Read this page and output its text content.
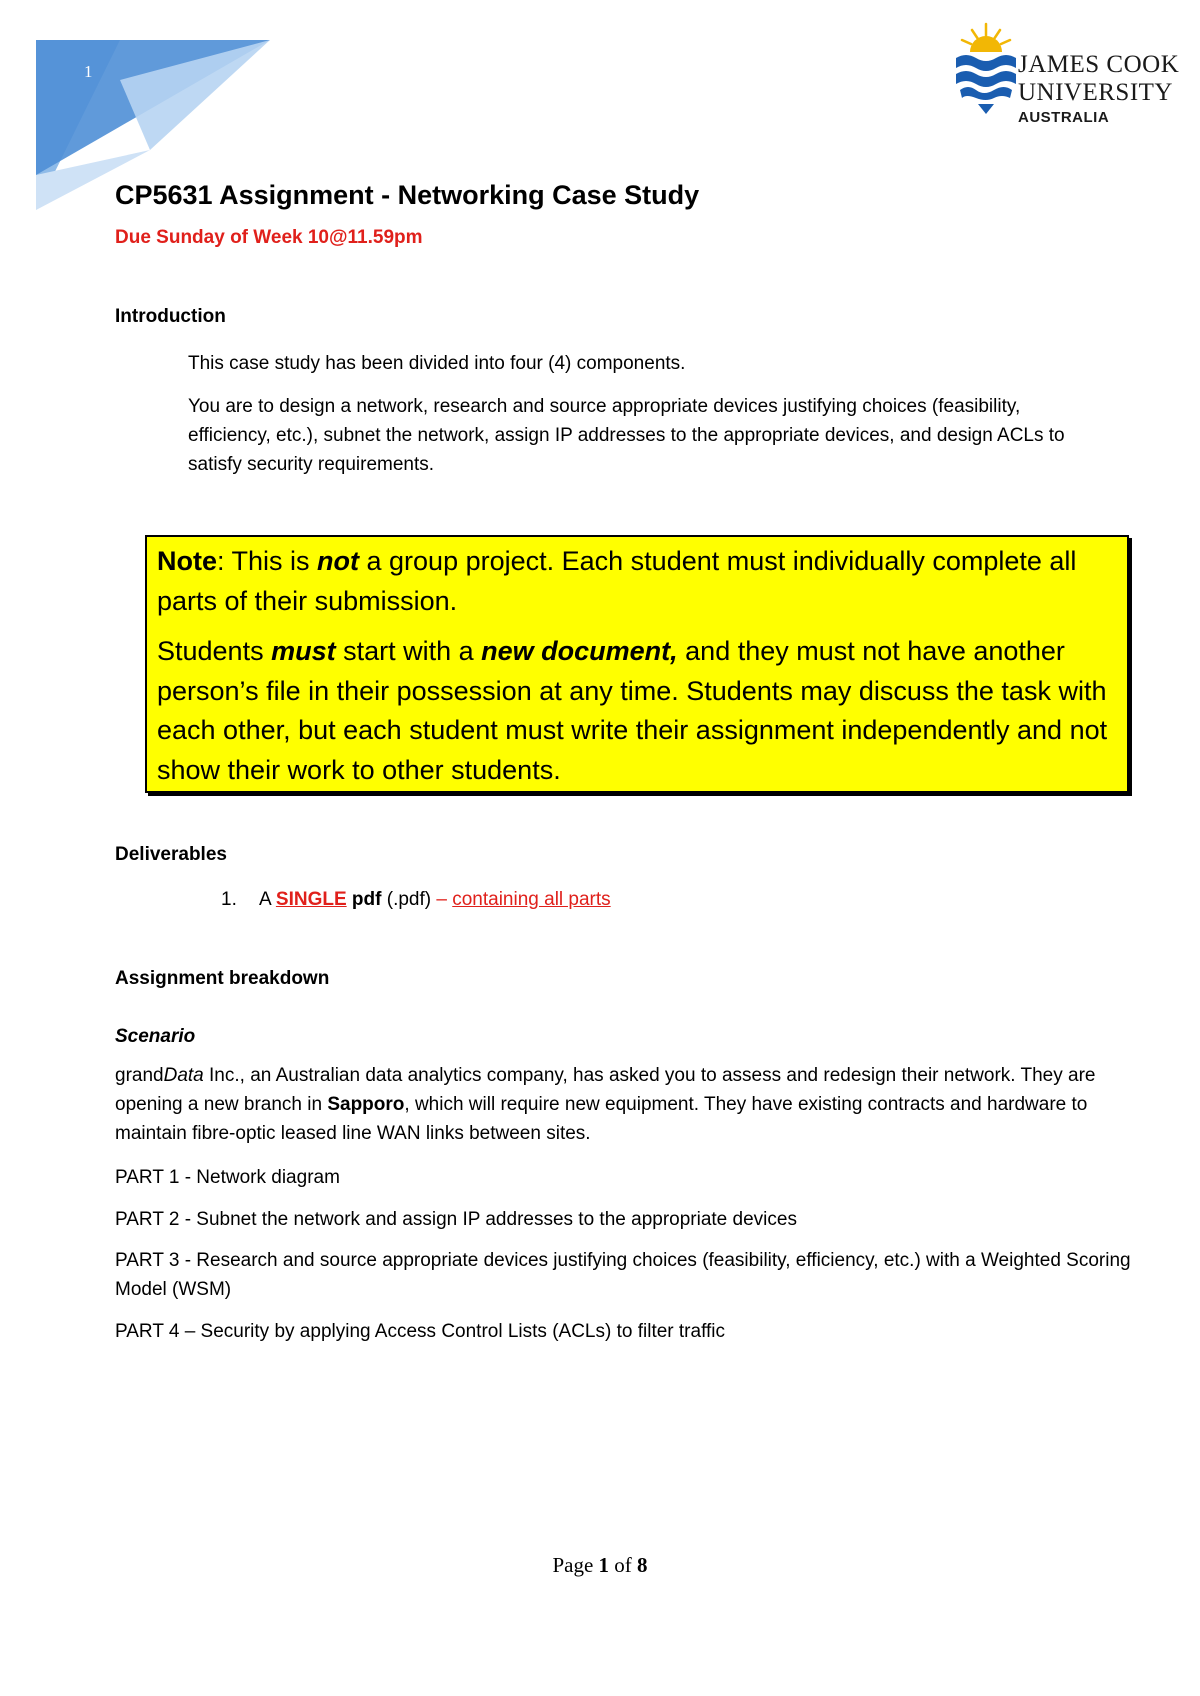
1	JAMES COOK
UNIVERSITY
AUSTRALIA
CP5631 Assignment - Networking Case Study
Due Sunday of Week 10@11.59pm
Introduction
This case study has been divided into four (4) components.
You are to design a network, research and source appropriate devices justifying choices (feasibility, efficiency, etc.), subnet the network, assign IP addresses to the appropriate devices, and design ACLs to satisfy security requirements.

Note: This is not a group project. Each student must individually complete all parts of their submission.

Students must start with a new document, and they must not have another person’s file in their possession at any time. Students may discuss the task with each other, but each student must write their assignment independently and not show their work to other students.

Deliverables
1. A SINGLE pdf (.pdf) – containing all parts
Assignment breakdown
Scenario
grandData Inc., an Australian data analytics company, has asked you to assess and redesign their network. They are opening a new branch in Sapporo, which will require new equipment. They have existing contracts and hardware to maintain fibre-optic leased line WAN links between sites.
PART 1 - Network diagram
PART 2 - Subnet the network and assign IP addresses to the appropriate devices
PART 3 - Research and source appropriate devices justifying choices (feasibility, efficiency, etc.) with a Weighted Scoring Model (WSM)
PART 4 – Security by applying Access Control Lists (ACLs) to filter traffic
Page 1 of 8
